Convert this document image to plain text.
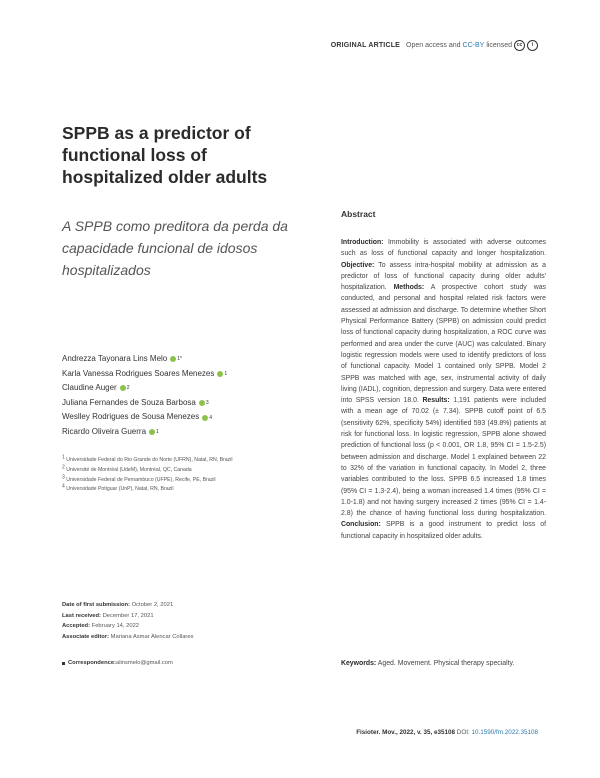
ORIGINAL ARTICLE Open access and CC-BY licensed cc	i
SPPB as a predictor of functional loss of hospitalized older adults
A SPPB como preditora da perda da capacidade funcional de idosos hospitalizados
Andrezza Tayonara Lins Melo 1*
Karla Vanessa Rodrigues Soares Menezes 1
Claudine Auger 2
Juliana Fernandes de Souza Barbosa 3
Weslley Rodrigues de Sousa Menezes 4
Ricardo Oliveira Guerra 1
1 Universidade Federal do Rio Grande do Norte (UFRN), Natal, RN, Brazil
2 Université de Montréal (UdeM), Montréal, QC, Canada
3 Universidade Federal de Pernambuco (UFPE), Recife, PE, Brazil
4 Universidade Potiguar (UnP), Natal, RN, Brazil
Date of first submission: October 2, 2021
Last received: December 17, 2021
Accepted: February 14, 2022
Associate editor: Mariana Asmar Alencar Collares
Correspondence: alinsmelo@gmail.com
Abstract
Introduction: Immobility is associated with adverse outcomes such as loss of functional capacity and longer hospitalization. Objective: To assess intra-hospital mobility at admission as a predictor of loss of functional capacity during older adults' hospitalization. Methods: A prospective cohort study was conducted, and personal and hospital related risk factors were assessed at admission and discharge. To determine whether Short Physical Performance Battery (SPPB) on admission could predict loss of functional capacity during hospitalization, a ROC curve was performed and area under the curve (AUC) was calculated. Binary logistic regression models were used to identify predictors of loss of functional capacity. Model 1 contained only SPPB. Model 2 SPPB was matched with age, sex, instrumental activity of daily living (IADL), cognition, depression and surgery. Data were entered into SPSS version 18.0. Results: 1,191 patients were included with a mean age of 70.02 (± 7.34). SPPB cutoff point of 6.5 (sensitivity 62%, specificity 54%) identified 593 (49.8%) patients at risk for functional loss. In logistic regression, SPPB alone showed prediction of functional loss (p < 0.001, OR 1.8, 95% CI = 1.5-2.5) between admission and discharge. Model 1 explained between 22 to 32% of the variation in functional capacity. In Model 2, three variables contributed to the loss. SPPB 6.5 increased 1.8 times (95% CI = 1.3-2.4), being a woman increased 1.4 times (95% CI = 1.0-1.8) and not having surgery increased 2 times (95% CI = 1.4-2.8) the chance of having functional loss during hospitalization. Conclusion: SPPB is a good instrument to predict loss of functional capacity in hospitalized older adults.
Keywords: Aged. Movement. Physical therapy specialty.
Fisioter. Mov., 2022, v. 35, e35108 DOI: 10.1590/fm.2022.35108
